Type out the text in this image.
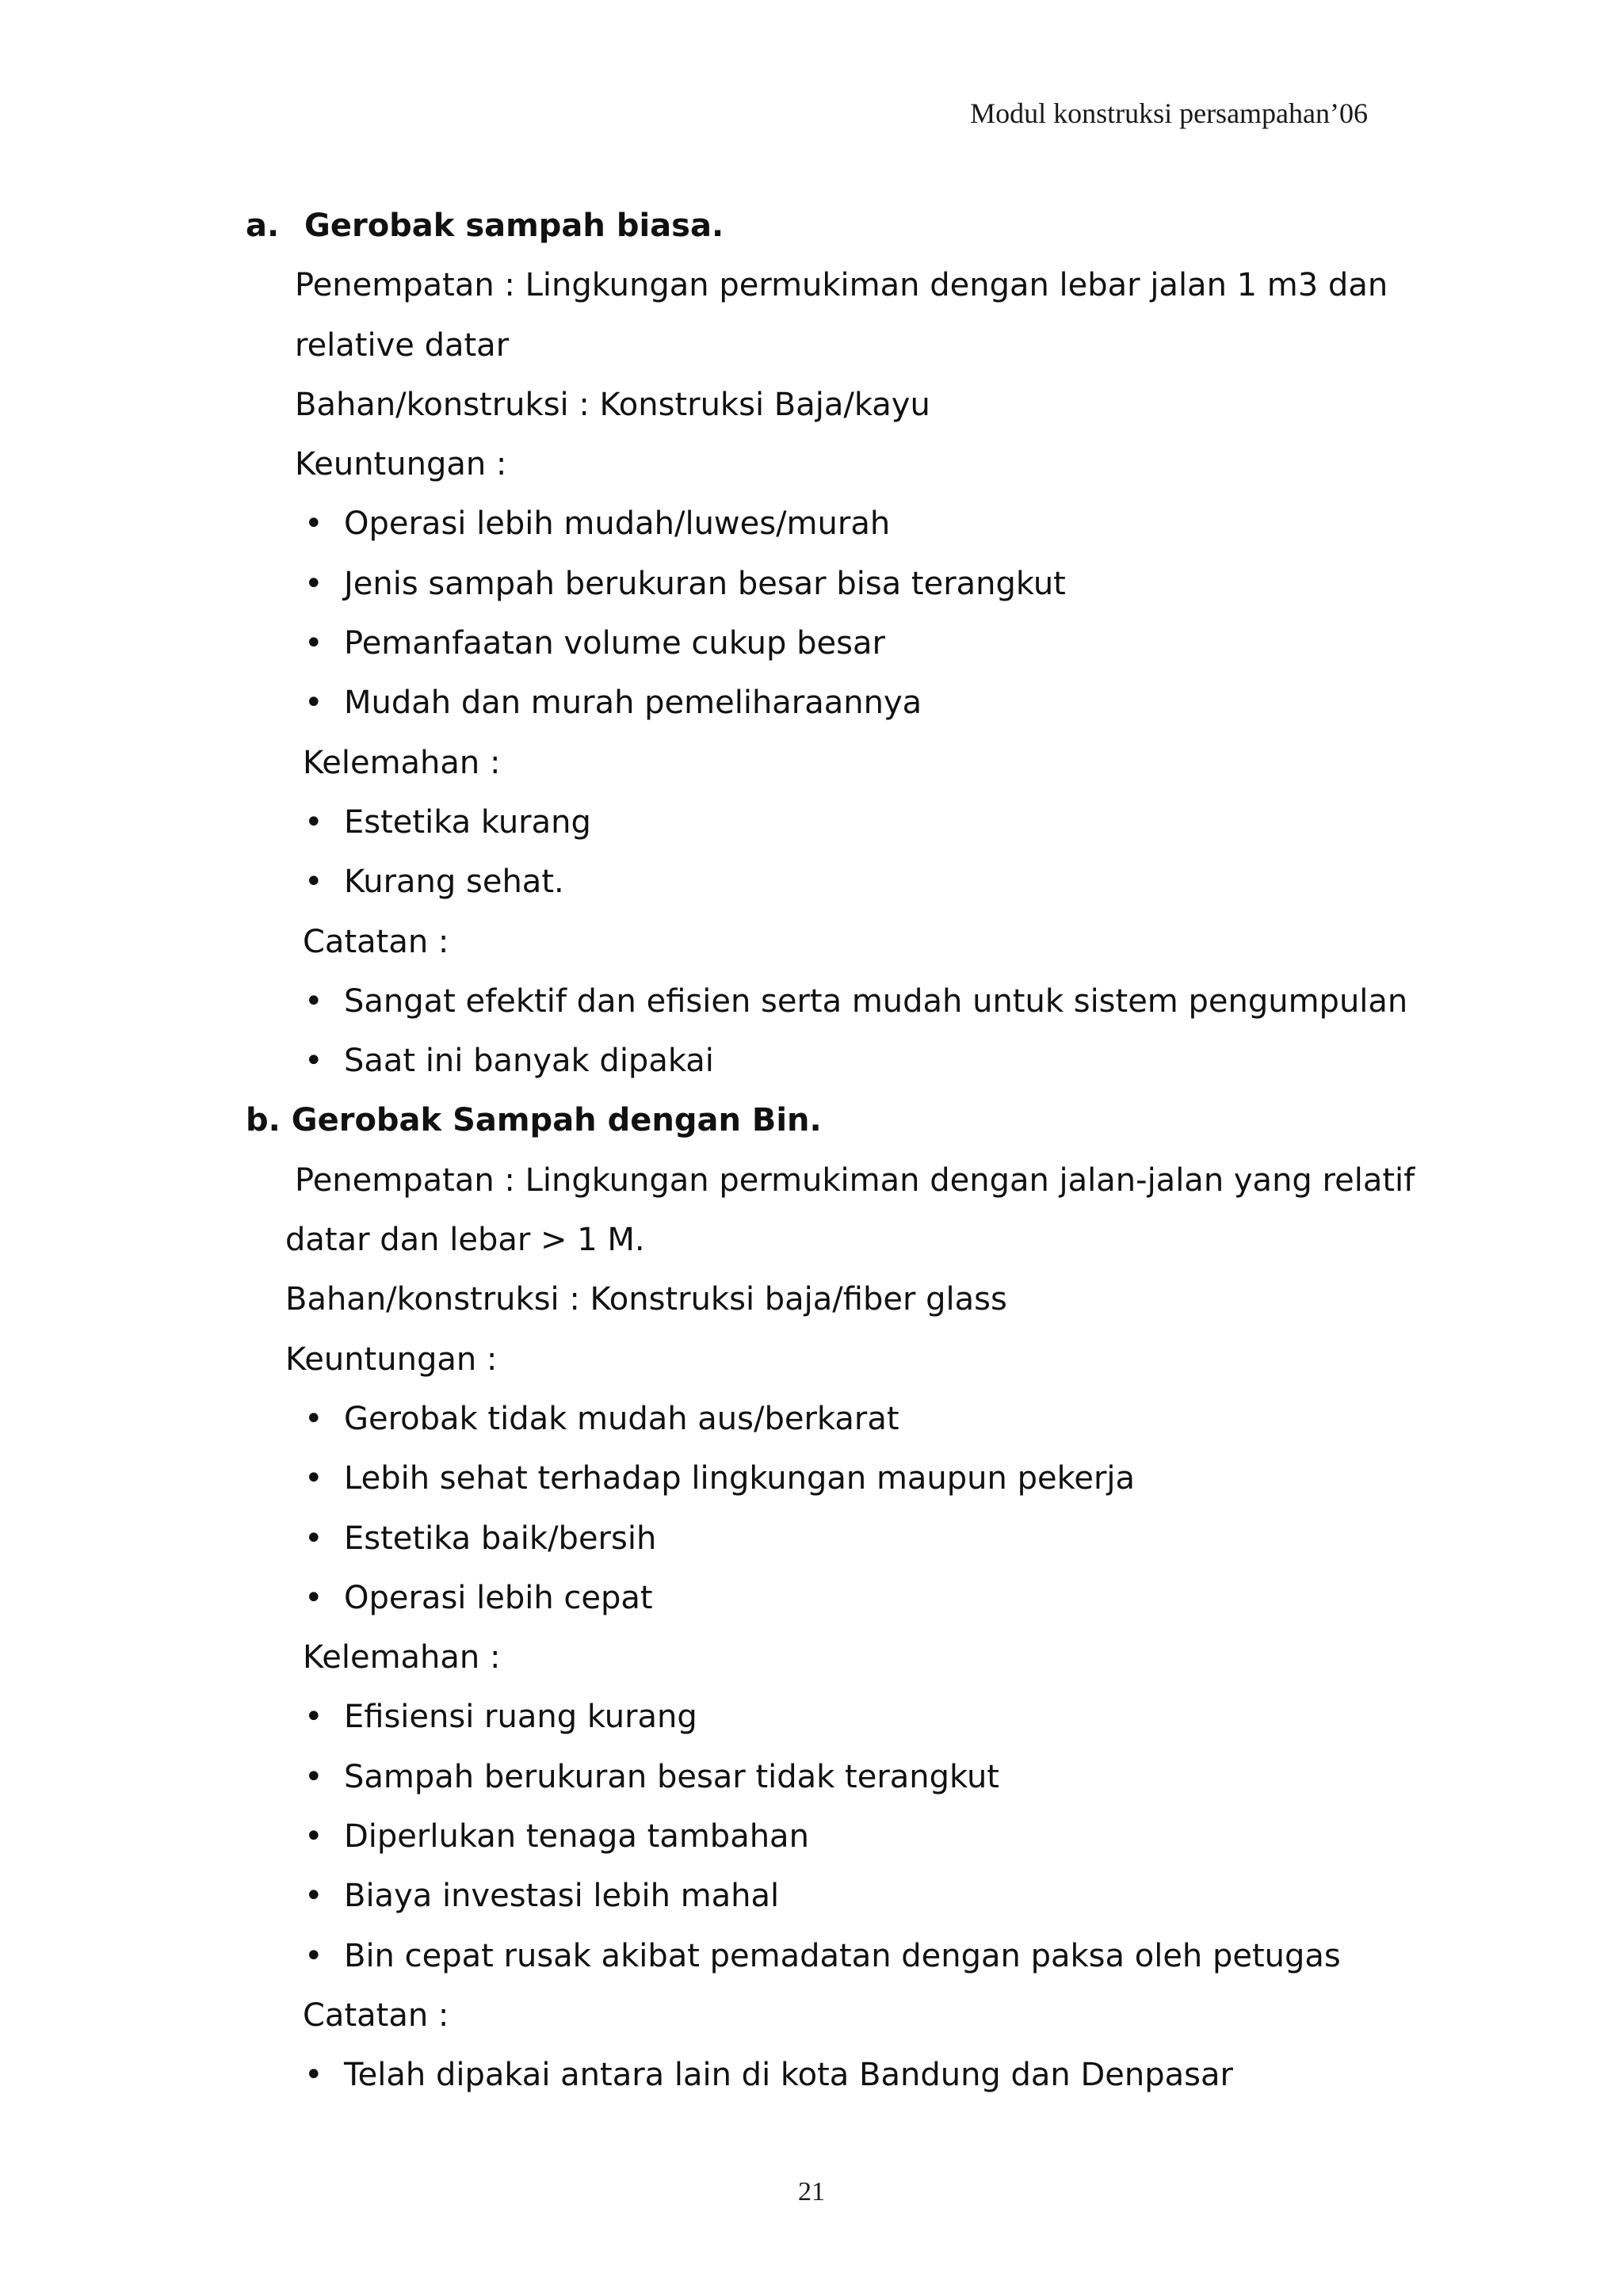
Modul konstruksi persampahan’06
a. Gerobak sampah biasa.
Penempatan : Lingkungan permukiman dengan lebar jalan 1 m3 dan
relative datar
Bahan/konstruksi : Konstruksi Baja/kayu
Keuntungan :
• Operasi lebih mudah/luwes/murah
• Jenis sampah berukuran besar bisa terangkut
• Pemanfaatan volume cukup besar
• Mudah dan murah pemeliharaannya
Kelemahan :
• Estetika kurang
• Kurang sehat.
Catatan :
• Sangat efektif dan efisien serta mudah untuk sistem pengumpulan
• Saat ini banyak dipakai
b. Gerobak Sampah dengan Bin.
Penempatan : Lingkungan permukiman dengan jalan-jalan yang relatif
datar dan lebar > 1 M.
Bahan/konstruksi : Konstruksi baja/fiber glass
Keuntungan :
• Gerobak tidak mudah aus/berkarat
• Lebih sehat terhadap lingkungan maupun pekerja
• Estetika baik/bersih
• Operasi lebih cepat
Kelemahan :
• Efisiensi ruang kurang
• Sampah berukuran besar tidak terangkut
• Diperlukan tenaga tambahan
• Biaya investasi lebih mahal
• Bin cepat rusak akibat pemadatan dengan paksa oleh petugas
Catatan :
• Telah dipakai antara lain di kota Bandung dan Denpasar
21
